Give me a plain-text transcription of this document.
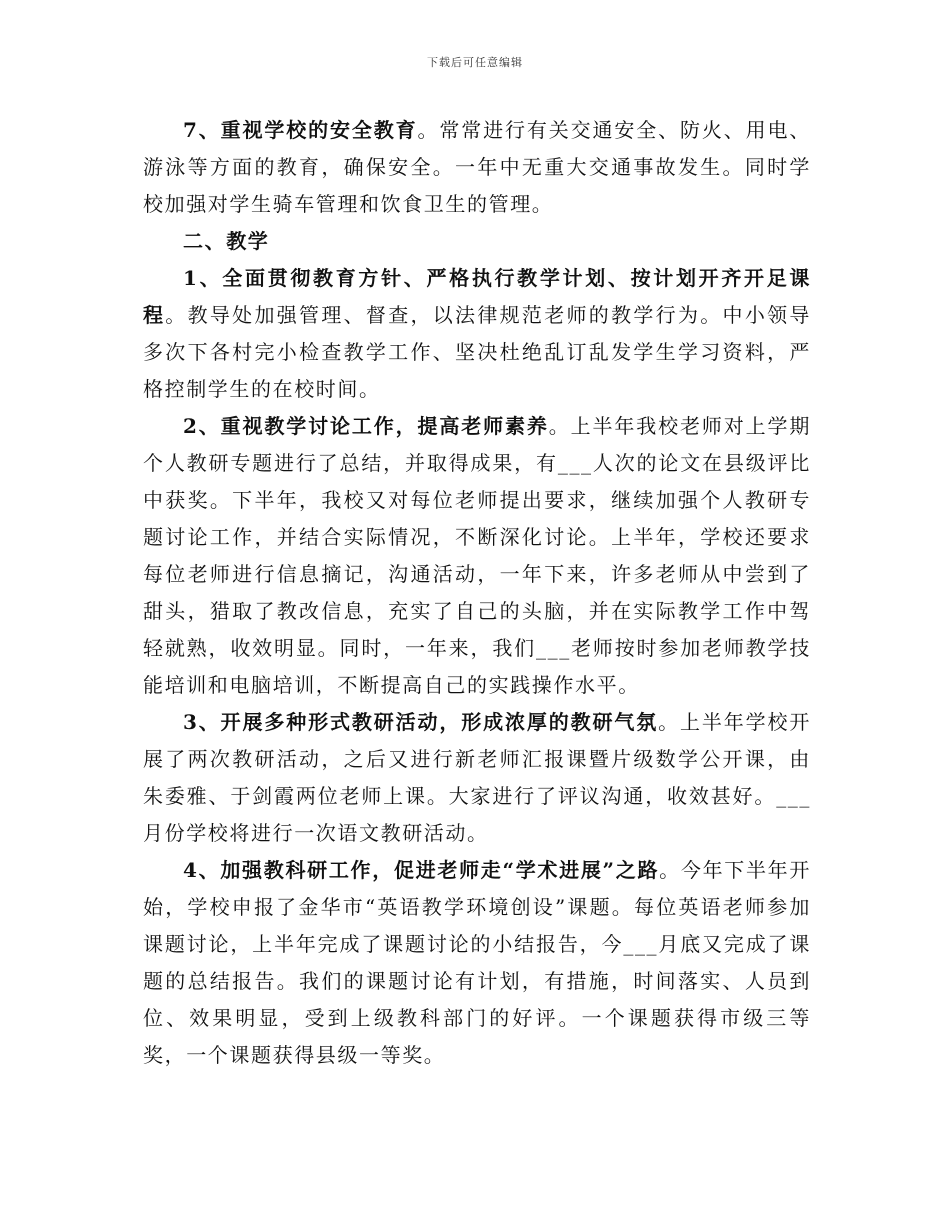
下载后可任意编辑

7、重视学校的安全教育。常常进行有关交通安全、防火、用电、游泳等方面的教育，确保安全。一年中无重大交通事故发生。同时学校加强对学生骑车管理和饮食卫生的管理。

二、教学

1、全面贯彻教育方针、严格执行教学计划、按计划开齐开足课程。教导处加强管理、督查，以法律规范老师的教学行为。中小领导多次下各村完小检查教学工作、坚决杜绝乱订乱发学生学习资料，严格控制学生的在校时间。

2、重视教学讨论工作，提高老师素养。上半年我校老师对上学期个人教研专题进行了总结，并取得成果，有___人次的论文在县级评比中获奖。下半年，我校又对每位老师提出要求，继续加强个人教研专题讨论工作，并结合实际情况，不断深化讨论。上半年，学校还要求每位老师进行信息摘记，沟通活动，一年下来，许多老师从中尝到了甜头，猎取了教改信息，充实了自己的头脑，并在实际教学工作中驾轻就熟，收效明显。同时，一年来，我们___老师按时参加老师教学技能培训和电脑培训，不断提高自己的实践操作水平。

3、开展多种形式教研活动，形成浓厚的教研气氛。上半年学校开展了两次教研活动，之后又进行新老师汇报课暨片级数学公开课，由朱委雅、于剑霞两位老师上课。大家进行了评议沟通，收效甚好。___月份学校将进行一次语文教研活动。

4、加强教科研工作，促进老师走“学术进展”之路。今年下半年开始，学校申报了金华市“英语教学环境创设”课题。每位英语老师参加课题讨论，上半年完成了课题讨论的小结报告，今___月底又完成了课题的总结报告。我们的课题讨论有计划，有措施，时间落实、人员到位、效果明显，受到上级教科部门的好评。一个课题获得市级三等奖，一个课题获得县级一等奖。
